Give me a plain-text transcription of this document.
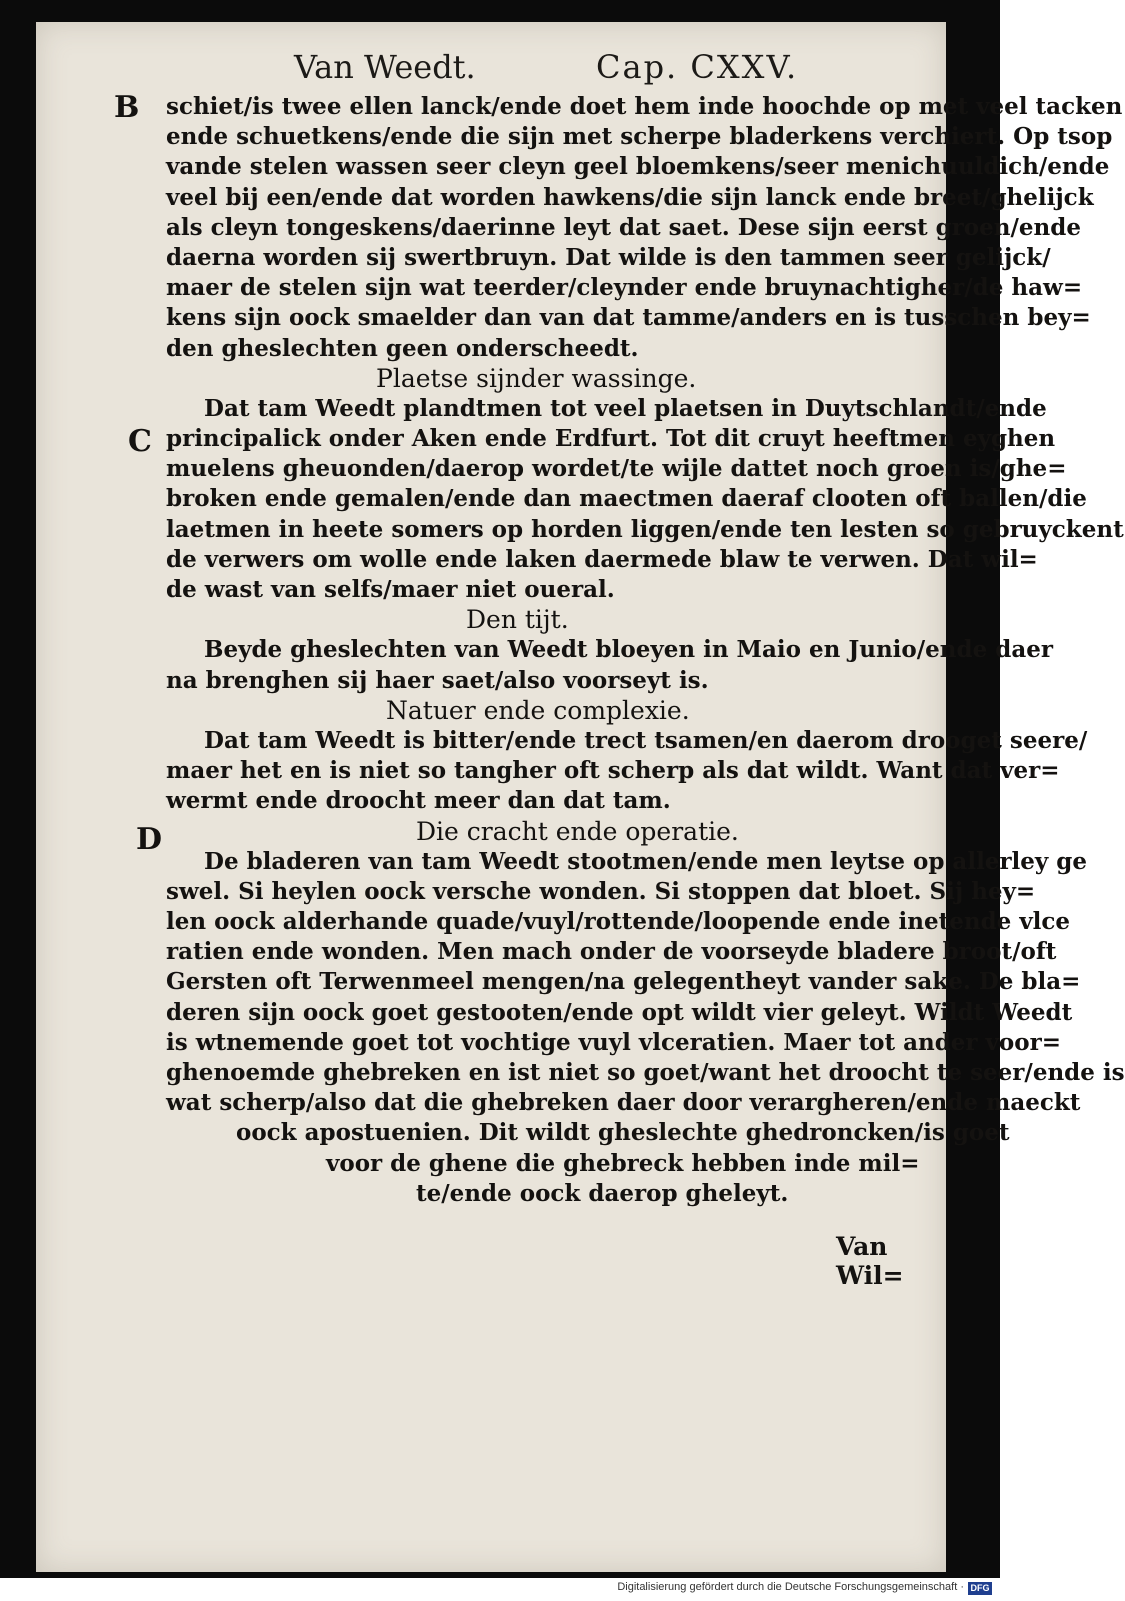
Van Weedt.	Cap. CXXV.
B
C
D

schiet/is twee ellen lanck/ende doet hem inde hoochde op met veel tacken
ende schuetkens/ende die sijn met scherpe bladerkens verchiert. Op tsop
vande stelen wassen seer cleyn geel bloemkens/seer menichuuldich/ende
veel bij een/ende dat worden hawkens/die sijn lanck ende breet/ghelijck
als cleyn tongeskens/daerinne leyt dat saet. Dese sijn eerst groen/ende
daerna worden sij swertbruyn. Dat wilde is den tammen seer gelijck/
maer de stelen sijn wat teerder/cleynder ende bruynachtigher/de haw=
kens sijn oock smaelder dan van dat tamme/anders en is tusschen bey=
den gheslechten geen onderscheedt.

Plaetse sijnder wassinge.

Dat tam Weedt plandtmen tot veel plaetsen in Duytschlandt/ende
principalick onder Aken ende Erdfurt. Tot dit cruyt heeftmen eyghen
muelens gheuonden/daerop wordet/te wijle dattet noch groen is/ghe=
broken ende gemalen/ende dan maectmen daeraf clooten oft ballen/die
laetmen in heete somers op horden liggen/ende ten lesten so gebruyckent
de verwers om wolle ende laken daermede blaw te verwen. Dat wil=
de wast van selfs/maer niet oueral.

Den tijt.

Beyde gheslechten van Weedt bloeyen in Maio en Junio/ende daer
na brenghen sij haer saet/also voorseyt is.

Natuer ende complexie.

Dat tam Weedt is bitter/ende trect tsamen/en daerom drooget seere/
maer het en is niet so tangher oft scherp als dat wildt. Want dat ver=
wermt ende droocht meer dan dat tam.

Die cracht ende operatie.

De bladeren van tam Weedt stootmen/ende men leytse op allerley ge
swel. Si heylen oock versche wonden. Si stoppen dat bloet. Sij hey=
len oock alderhande quade/vuyl/rottende/loopende ende inetende vlce
ratien ende wonden. Men mach onder de voorseyde bladere broot/oft
Gersten oft Terwenmeel mengen/na gelegentheyt vander sake. De bla=
deren sijn oock goet gestooten/ende opt wildt vier geleyt. Wildt Weedt
is wtnemende goet tot vochtige vuyl vlceratien. Maer tot ander voor=
ghenoemde ghebreken en ist niet so goet/want het droocht te seer/ende is
wat scherp/also dat die ghebreken daer door verargheren/ende maeckt
oock apostuenien. Dit wildt gheslechte ghedroncken/is goet
voor de ghene die ghebreck hebben inde mil=
te/ende oock daerop gheleyt.

Van Wil=
Digitalisierung gefördert durch die Deutsche Forschungsgemeinschaft · DFG
